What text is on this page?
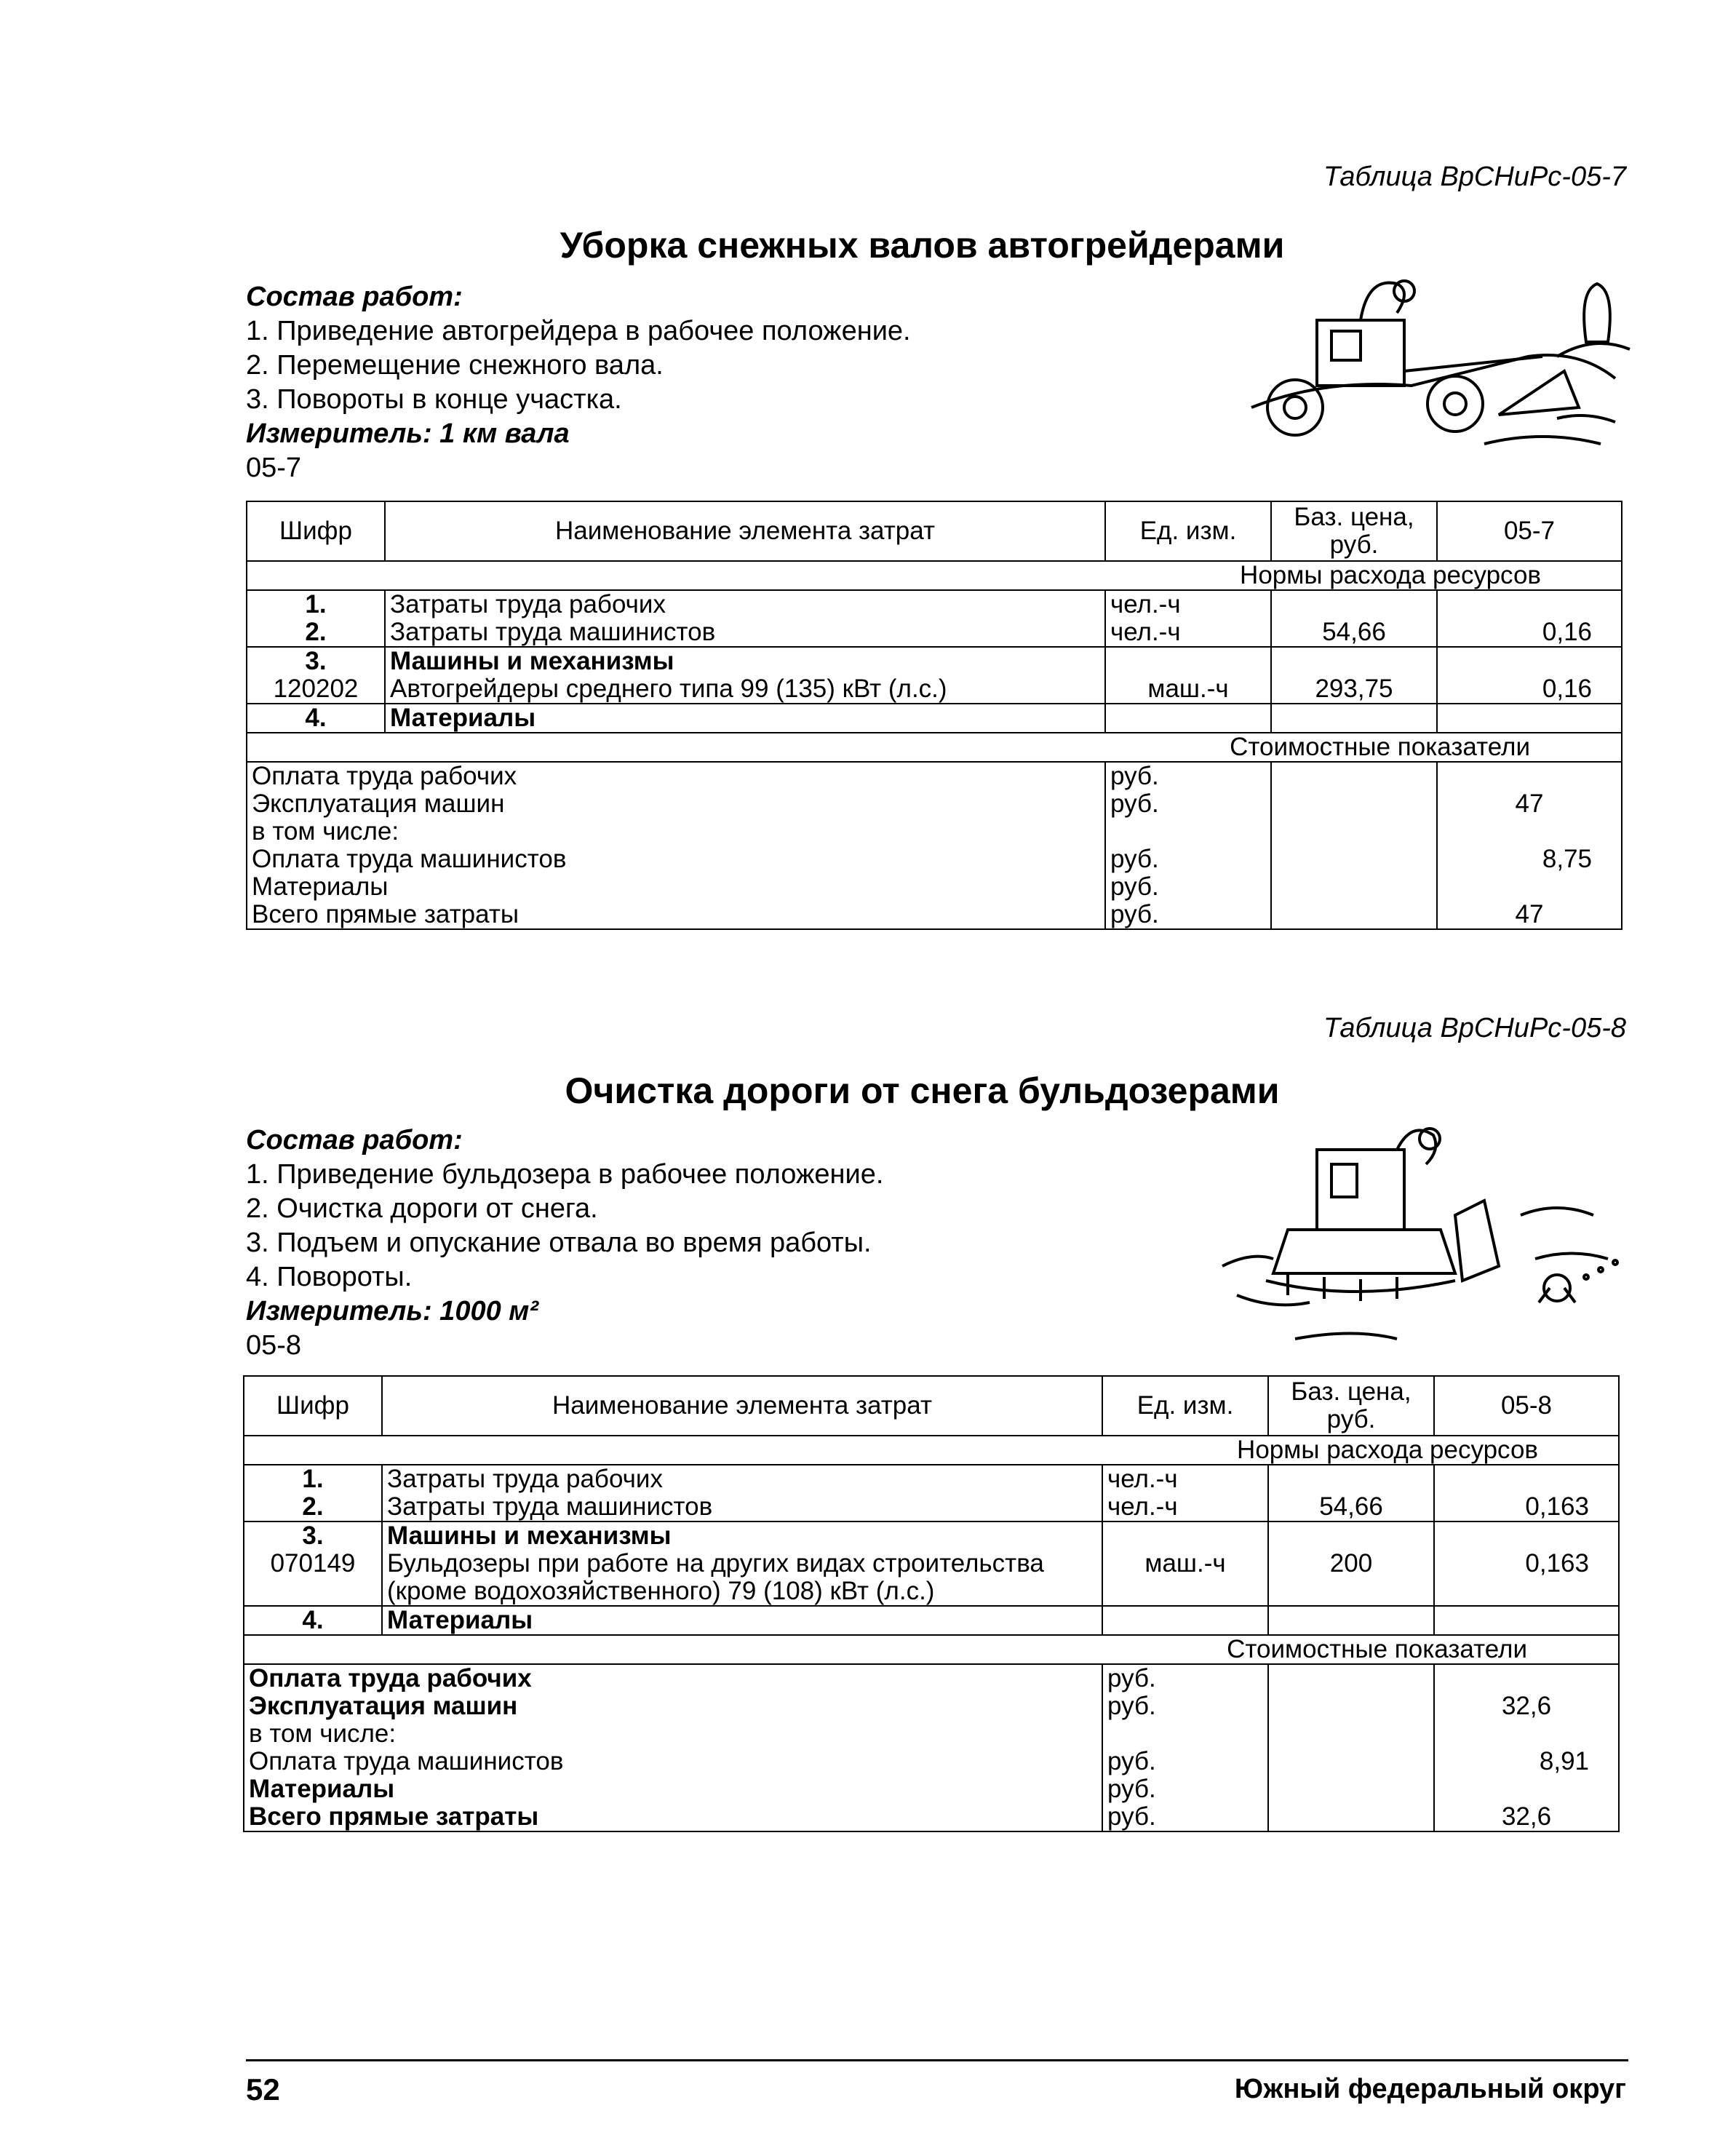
Таблица ВрСНиРс-05-7
Уборка снежных валов автогрейдерами
Состав работ:
1. Приведение автогрейдера в рабочее положение.
2. Перемещение снежного вала.
3. Повороты в конце участка.
Измеритель: 1 км вала
05-7
Шифр	Наименование элемента затрат	Ед. изм.	Баз. цена, руб.	05-7
Нормы расхода ресурсов				
1.	Затраты труда рабочих	чел.-ч		
2.	Затраты труда машинистов	чел.-ч	54,66	0,16
3.	Машины и механизмы			
120202	Автогрейдеры среднего типа 99 (135) кВт (л.с.)	маш.-ч	293,75	0,16
4.	Материалы			
Стоимостные показатели				
Оплата труда рабочих		руб.		
Эксплуатация машин		руб.		47
в том числе:				
Оплата труда машинистов		руб.		8,75
Материалы		руб.		
Всего прямые затраты		руб.		47
Таблица ВрСНиРс-05-8
Очистка дороги от снега бульдозерами
Состав работ:
1. Приведение бульдозера в рабочее положение.
2. Очистка дороги от снега.
3. Подъем и опускание отвала во время работы.
4. Повороты.
Измеритель: 1000 м²
05-8
Шифр	Наименование элемента затрат	Ед. изм.	Баз. цена, руб.	05-8
Нормы расхода ресурсов				
1.	Затраты труда рабочих	чел.-ч		
2.	Затраты труда машинистов	чел.-ч	54,66	0,163
3.	Машины и механизмы			
070149	Бульдозеры при работе на других видах строительства (кроме водохозяйственного) 79 (108) кВт (л.с.)	маш.-ч	200	0,163
4.	Материалы			
Стоимостные показатели				
Оплата труда рабочих		руб.		
Эксплуатация машин		руб.		32,6
в том числе:				
Оплата труда машинистов		руб.		8,91
Материалы		руб.		
Всего прямые затраты		руб.		32,6
52	Южный федеральный округ
